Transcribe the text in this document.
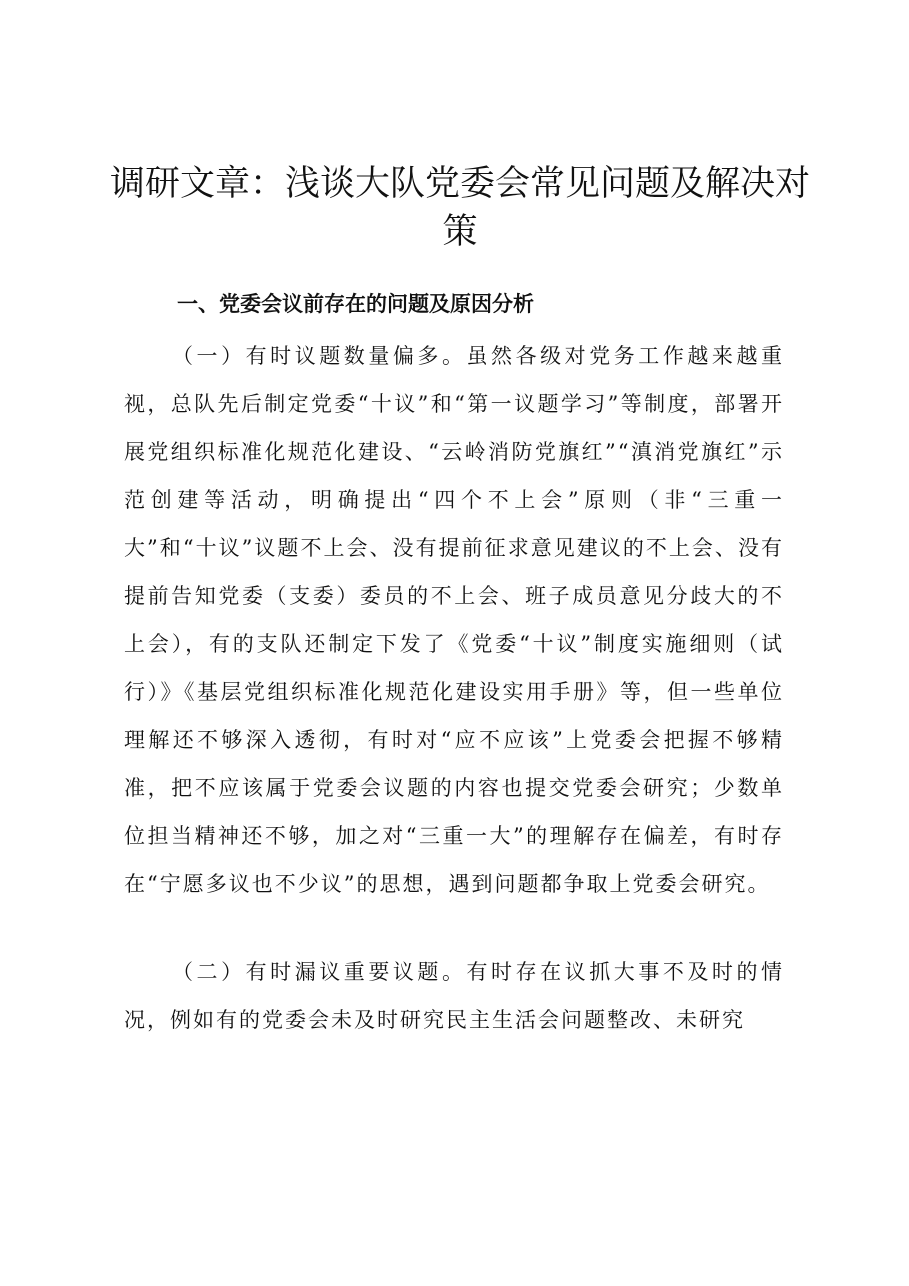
调研文章：浅谈大队党委会常见问题及解决对策
一、党委会议前存在的问题及原因分析

（一）有时议题数量偏多。虽然各级对党务工作越来越重视，总队先后制定党委“十议”和“第一议题学习”等制度，部署开展党组织标准化规范化建设、“云岭消防党旗红”“滇消党旗红”示范创建等活动，明确提出“四个不上会”原则（非“三重一大”和“十议”议题不上会、没有提前征求意见建议的不上会、没有提前告知党委（支委）委员的不上会、班子成员意见分歧大的不上会），有的支队还制定下发了《党委“十议”制度实施细则（试行）》《基层党组织标准化规范化建设实用手册》等，但一些单位理解还不够深入透彻，有时对“应不应该”上党委会把握不够精准，把不应该属于党委会议题的内容也提交党委会研究；少数单位担当精神还不够，加之对“三重一大”的理解存在偏差，有时存在“宁愿多议也不少议”的思想，遇到问题都争取上党委会研究。

（二）有时漏议重要议题。有时存在议抓大事不及时的情况，例如有的党委会未及时研究民主生活会问题整改、未研究
